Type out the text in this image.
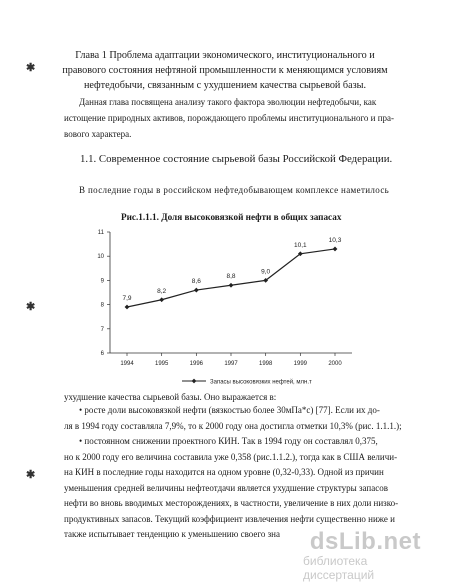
Глава 1 Проблема адаптации экономического, институционального и
правового состояния нефтяной промышленности к меняющимся условиям
нефтедобычи, связанным с ухудшением качества сырьевой базы.
✱
✱
✱
Данная глава посвящена анализу такого фактора эволюции нефтедобычи, как
истощение природных активов, порождающего проблемы институционального и пра-
вового характера.
1.1. Современное состояние сырьевой базы Российской Федерации.
В последние годы в российском нефтедобывающем комплексе наметилось
Рис.1.1.1. Доля высоковязкой нефти в общих запасах
6
7
8
9
10
11
1994	1995	1996	1997	1998	1999	2000
7,9
8,2
8,6
8,8
9,0
10,1
10,3
Запасы высоковязких нефтей, млн.т
ухудшение качества сырьевой базы. Оно выражается в:
• росте доли высоковязкой нефти (вязкостью более 30мПа*с) [77]. Если их до-
ля в 1994 году составляла 7,9%, то к 2000 году она достигла отметки 10,3% (рис. 1.1.1.);
• постоянном снижении проектного КИН. Так в 1994 году он составлял 0,375,
но к 2000 году его величина составила уже 0,358 (рис.1.1.2.), тогда как в США величи-
на КИН в последние годы находится на одном уровне (0,32-0,33). Одной из причин
уменьшения средней величины нефтеотдачи является ухудшение структуры запасов
нефти во вновь вводимых месторождениях, в частности, увеличение в них доли низко-
продуктивных запасов. Текущий коэффициент извлечения нефти существенно ниже и
также испытывает тенденцию к уменьшению своего зна dsLib.net
библиотека диссертаций
